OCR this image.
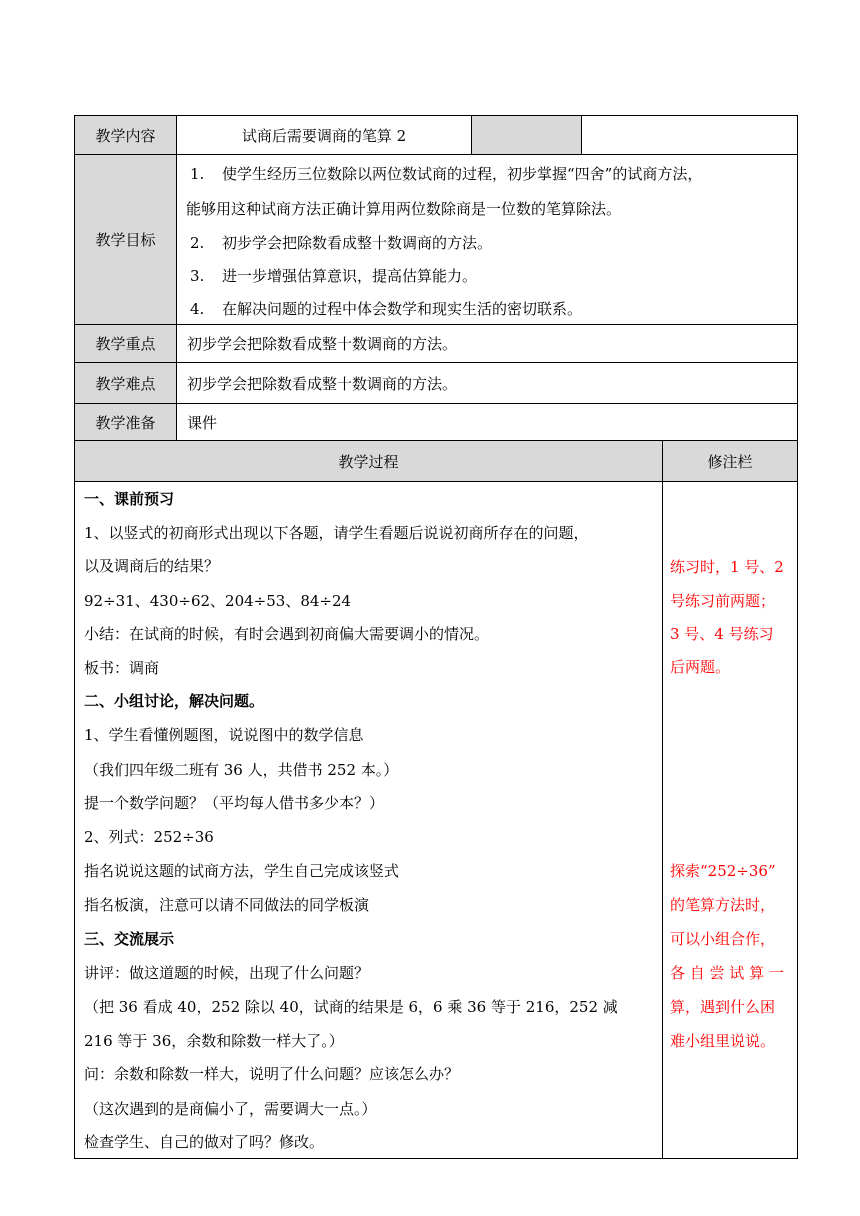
教学内容	试商后需要调商的笔算 2
教学目标
1. 使学生经历三位数除以两位数试商的过程，初步掌握“四舍”的试商方法，
能够用这种试商方法正确计算用两位数除商是一位数的笔算除法。
2. 初步学会把除数看成整十数调商的方法。
3. 进一步增强估算意识，提高估算能力。
4. 在解决问题的过程中体会数学和现实生活的密切联系。
教学重点 初步学会把除数看成整十数调商的方法。
教学难点 初步学会把除数看成整十数调商的方法。
教学准备 课件
教学过程	修注栏
一、课前预习
1、以竖式的初商形式出现以下各题，请学生看题后说说初商所存在的问题，
以及调商后的结果？
92÷31、430÷62、204÷53、84÷24
小结：在试商的时候，有时会遇到初商偏大需要调小的情况。
板书：调商
二、小组讨论，解决问题。
1、学生看懂例题图，说说图中的数学信息
（我们四年级二班有 36 人，共借书 252 本。）
提一个数学问题？（平均每人借书多少本？）
2、列式：252÷36
指名说说这题的试商方法，学生自己完成该竖式
指名板演，注意可以请不同做法的同学板演
三、交流展示
讲评：做这道题的时候，出现了什么问题？
（把 36 看成 40，252 除以 40，试商的结果是 6，6 乘 36 等于 216，252 减
216 等于 36，余数和除数一样大了。）
问：余数和除数一样大，说明了什么问题？应该怎么办？
（这次遇到的是商偏小了，需要调大一点。）
检查学生、自己的做对了吗？修改。
练习时，1 号、2
号练习前两题；
3 号、4 号练习
后两题。
探索“252÷36”
的笔算方法时，
可以小组合作，
各 自 尝 试 算 一
算，遇到什么困
难小组里说说。
